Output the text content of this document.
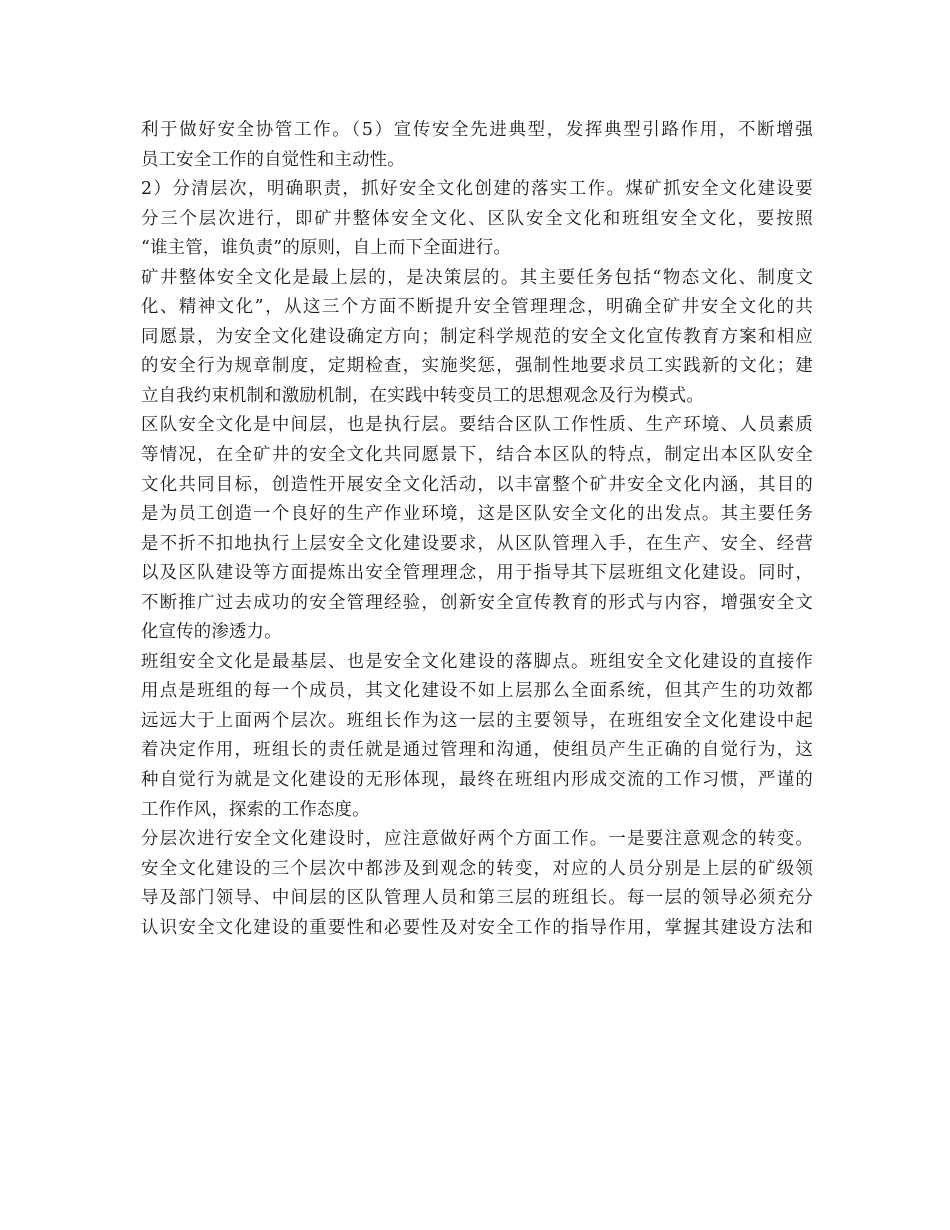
利于做好安全协管工作。（5）宣传安全先进典型，发挥典型引路作用，不断增强
员工安全工作的自觉性和主动性。

2）分清层次，明确职责，抓好安全文化创建的落实工作。煤矿抓安全文化建设要
分三个层次进行，即矿井整体安全文化、区队安全文化和班组安全文化，要按照
“谁主管，谁负责”的原则，自上而下全面进行。

矿井整体安全文化是最上层的，是决策层的。其主要任务包括“物态文化、制度文
化、精神文化”，从这三个方面不断提升安全管理理念，明确全矿井安全文化的共
同愿景，为安全文化建设确定方向；制定科学规范的安全文化宣传教育方案和相应
的安全行为规章制度，定期检查，实施奖惩，强制性地要求员工实践新的文化；建
立自我约束机制和激励机制，在实践中转变员工的思想观念及行为模式。

区队安全文化是中间层，也是执行层。要结合区队工作性质、生产环境、人员素质
等情况，在全矿井的安全文化共同愿景下，结合本区队的特点，制定出本区队安全
文化共同目标，创造性开展安全文化活动，以丰富整个矿井安全文化内涵，其目的
是为员工创造一个良好的生产作业环境，这是区队安全文化的出发点。其主要任务
是不折不扣地执行上层安全文化建设要求，从区队管理入手，在生产、安全、经营
以及区队建设等方面提炼出安全管理理念，用于指导其下层班组文化建设。同时，
不断推广过去成功的安全管理经验，创新安全宣传教育的形式与内容，增强安全文
化宣传的渗透力。

班组安全文化是最基层、也是安全文化建设的落脚点。班组安全文化建设的直接作
用点是班组的每一个成员，其文化建设不如上层那么全面系统，但其产生的功效都
远远大于上面两个层次。班组长作为这一层的主要领导，在班组安全文化建设中起
着决定作用，班组长的责任就是通过管理和沟通，使组员产生正确的自觉行为，这
种自觉行为就是文化建设的无形体现，最终在班组内形成交流的工作习惯，严谨的
工作作风，探索的工作态度。

分层次进行安全文化建设时，应注意做好两个方面工作。一是要注意观念的转变。
安全文化建设的三个层次中都涉及到观念的转变，对应的人员分别是上层的矿级领
导及部门领导、中间层的区队管理人员和第三层的班组长。每一层的领导必须充分
认识安全文化建设的重要性和必要性及对安全工作的指导作用，掌握其建设方法和
